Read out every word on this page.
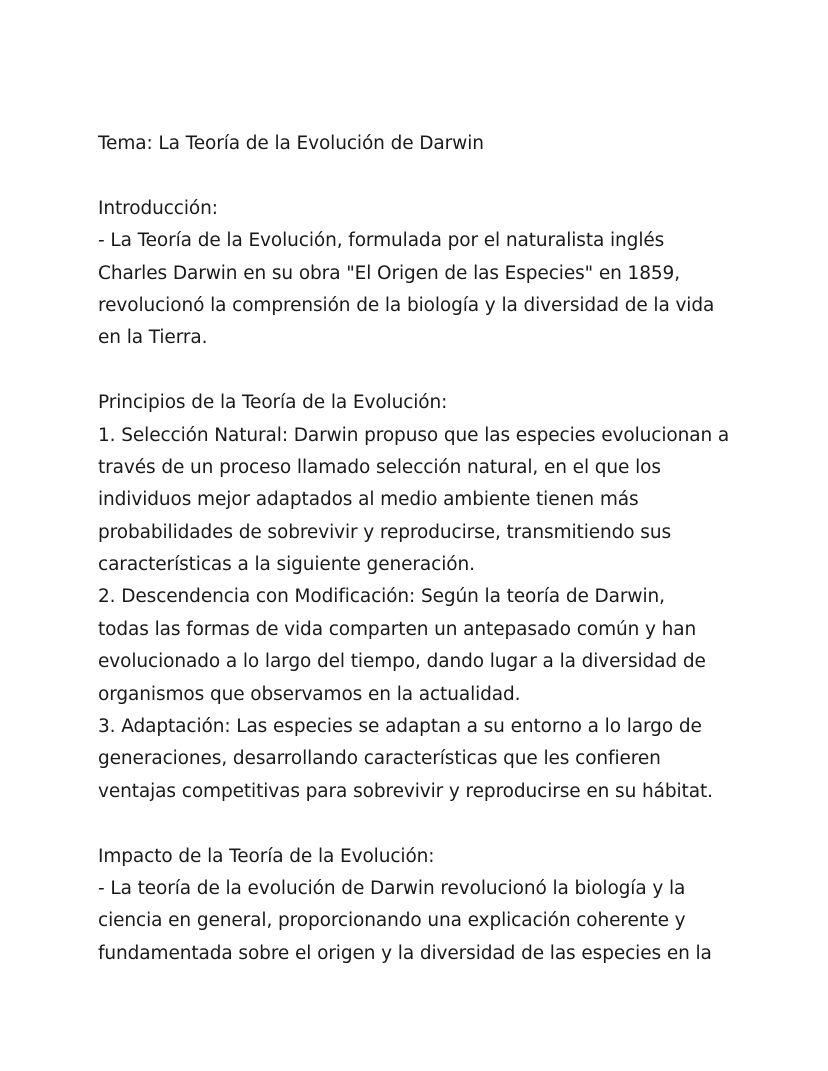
Tema: La Teoría de la Evolución de Darwin
Introducción:
- La Teoría de la Evolución, formulada por el naturalista inglés
Charles Darwin en su obra "El Origen de las Especies" en 1859,
revolucionó la comprensión de la biología y la diversidad de la vida
en la Tierra.
Principios de la Teoría de la Evolución:
1. Selección Natural: Darwin propuso que las especies evolucionan a
través de un proceso llamado selección natural, en el que los
individuos mejor adaptados al medio ambiente tienen más
probabilidades de sobrevivir y reproducirse, transmitiendo sus
características a la siguiente generación.
2. Descendencia con Modificación: Según la teoría de Darwin,
todas las formas de vida comparten un antepasado común y han
evolucionado a lo largo del tiempo, dando lugar a la diversidad de
organismos que observamos en la actualidad.
3. Adaptación: Las especies se adaptan a su entorno a lo largo de
generaciones, desarrollando características que les confieren
ventajas competitivas para sobrevivir y reproducirse en su hábitat.
Impacto de la Teoría de la Evolución:
- La teoría de la evolución de Darwin revolucionó la biología y la
ciencia en general, proporcionando una explicación coherente y
fundamentada sobre el origen y la diversidad de las especies en la
